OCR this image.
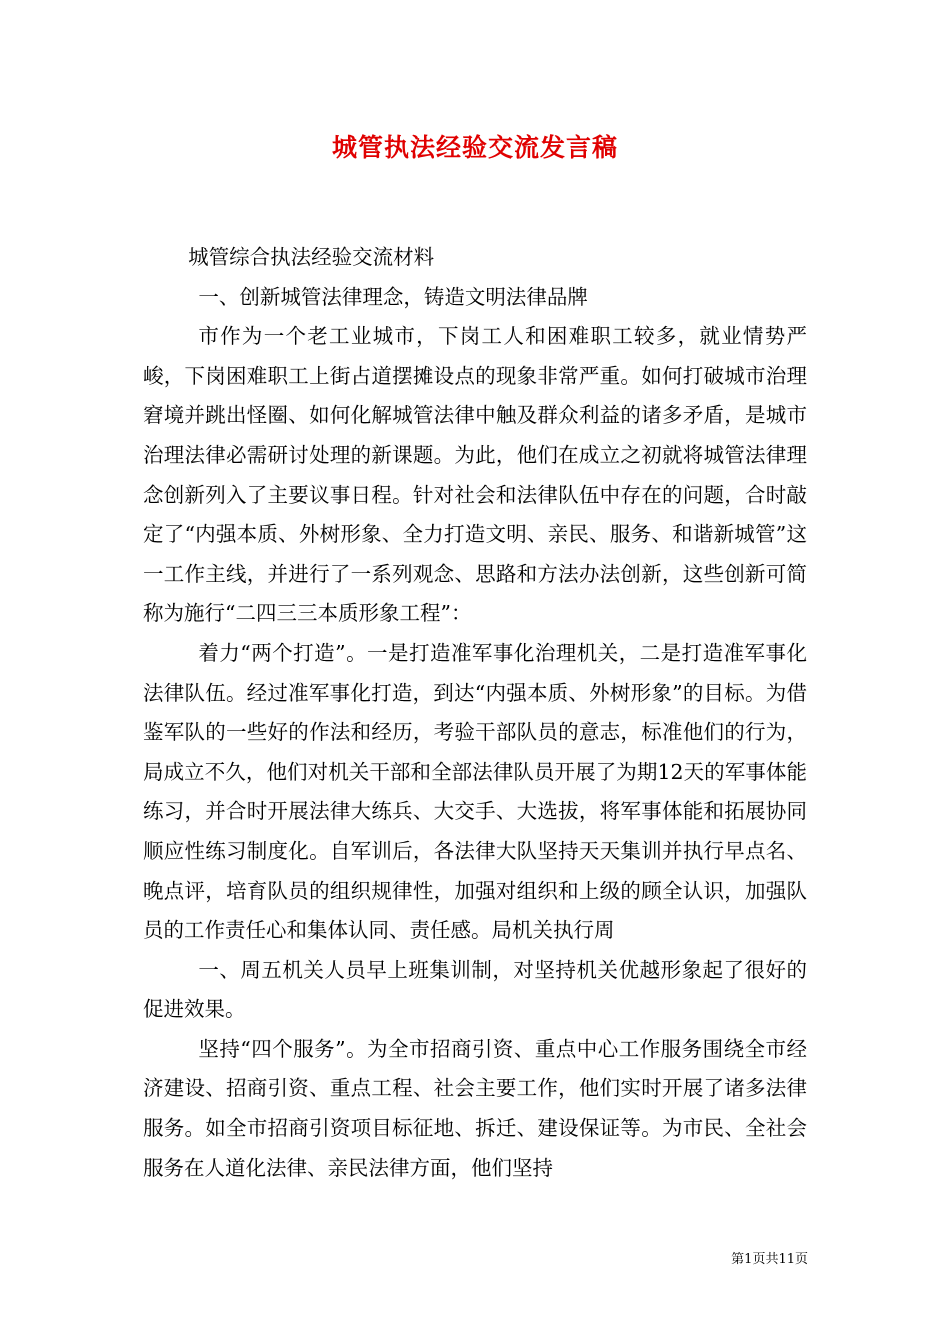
城管执法经验交流发言稿

城管综合执法经验交流材料

一、创新城管法律理念，铸造文明法律品牌

市作为一个老工业城市，下岗工人和困难职工较多，就业情势严峻，下岗困难职工上街占道摆摊设点的现象非常严重。如何打破城市治理窘境并跳出怪圈、如何化解城管法律中触及群众利益的诸多矛盾，是城市治理法律必需研讨处理的新课题。为此，他们在成立之初就将城管法律理念创新列入了主要议事日程。针对社会和法律队伍中存在的问题，合时敲定了“内强本质、外树形象、全力打造文明、亲民、服务、和谐新城管”这一工作主线，并进行了一系列观念、思路和方法办法创新，这些创新可简称为施行“二四三三本质形象工程”：

着力“两个打造”。一是打造准军事化治理机关，二是打造准军事化法律队伍。经过准军事化打造，到达“内强本质、外树形象”的目标。为借鉴军队的一些好的作法和经历，考验干部队员的意志，标准他们的行为，局成立不久，他们对机关干部和全部法律队员开展了为期12天的军事体能练习，并合时开展法律大练兵、大交手、大选拔，将军事体能和拓展协同顺应性练习制度化。自军训后，各法律大队坚持天天集训并执行早点名、晚点评，培育队员的组织规律性，加强对组织和上级的顾全认识，加强队员的工作责任心和集体认同、责任感。局机关执行周

一、周五机关人员早上班集训制，对坚持机关优越形象起了很好的促进效果。

坚持“四个服务”。为全市招商引资、重点中心工作服务围绕全市经济建设、招商引资、重点工程、社会主要工作，他们实时开展了诸多法律服务。如全市招商引资项目标征地、拆迁、建设保证等。为市民、全社会服务在人道化法律、亲民法律方面，他们坚持

第1页共11页
